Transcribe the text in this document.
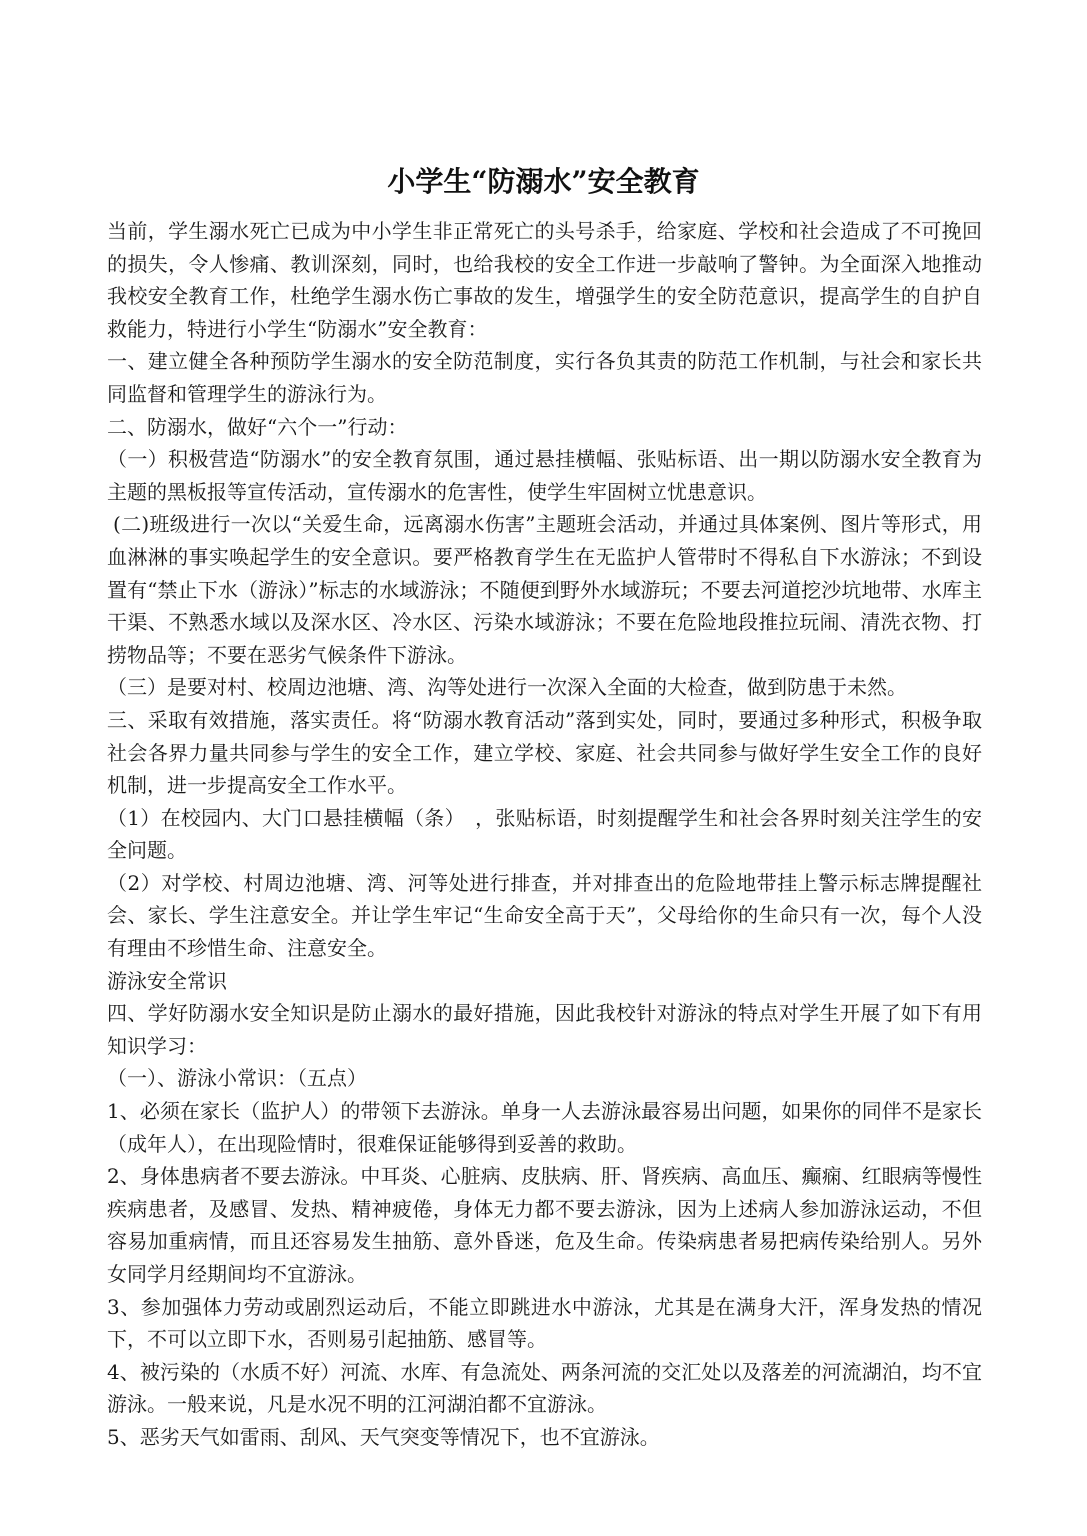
小学生“防溺水”安全教育

当前，学生溺水死亡已成为中小学生非正常死亡的头号杀手，给家庭、学校和社会造成了不可挽回的损失，令人惨痛、教训深刻，同时，也给我校的安全工作进一步敲响了警钟。为全面深入地推动我校安全教育工作，杜绝学生溺水伤亡事故的发生，增强学生的安全防范意识，提高学生的自护自救能力，特进行小学生“防溺水”安全教育：

一、建立健全各种预防学生溺水的安全防范制度，实行各负其责的防范工作机制，与社会和家长共同监督和管理学生的游泳行为。

二、防溺水，做好“六个一”行动：

（一）积极营造“防溺水”的安全教育氛围，通过悬挂横幅、张贴标语、出一期以防溺水安全教育为主题的黑板报等宣传活动，宣传溺水的危害性，使学生牢固树立忧患意识。

(二)班级进行一次以“关爱生命，远离溺水伤害”主题班会活动，并通过具体案例、图片等形式，用血淋淋的事实唤起学生的安全意识。要严格教育学生在无监护人管带时不得私自下水游泳；不到设置有“禁止下水（游泳）”标志的水域游泳；不随便到野外水域游玩；不要去河道挖沙坑地带、水库主干渠、不熟悉水域以及深水区、冷水区、污染水域游泳；不要在危险地段推拉玩闹、清洗衣物、打捞物品等；不要在恶劣气候条件下游泳。

（三）是要对村、校周边池塘、湾、沟等处进行一次深入全面的大检查，做到防患于未然。

三、采取有效措施，落实责任。将“防溺水教育活动”落到实处，同时，要通过多种形式，积极争取社会各界力量共同参与学生的安全工作，建立学校、家庭、社会共同参与做好学生安全工作的良好机制，进一步提高安全工作水平。

（1）在校园内、大门口悬挂横幅（条）　，张贴标语，时刻提醒学生和社会各界时刻关注学生的安全问题。

（2）对学校、村周边池塘、湾、河等处进行排查，并对排查出的危险地带挂上警示标志牌提醒社会、家长、学生注意安全。并让学生牢记“生命安全高于天”，父母给你的生命只有一次，每个人没有理由不珍惜生命、注意安全。

游泳安全常识

四、学好防溺水安全知识是防止溺水的最好措施，因此我校针对游泳的特点对学生开展了如下有用知识学习：

（一）、游泳小常识：（五点）

1、必须在家长（监护人）的带领下去游泳。单身一人去游泳最容易出问题，如果你的同伴不是家长（成年人），在出现险情时，很难保证能够得到妥善的救助。

2、身体患病者不要去游泳。中耳炎、心脏病、皮肤病、肝、肾疾病、高血压、癫痫、红眼病等慢性疾病患者，及感冒、发热、精神疲倦，身体无力都不要去游泳，因为上述病人参加游泳运动，不但容易加重病情，而且还容易发生抽筋、意外昏迷，危及生命。传染病患者易把病传染给别人。另外女同学月经期间均不宜游泳。

3、参加强体力劳动或剧烈运动后，不能立即跳进水中游泳，尤其是在满身大汗，浑身发热的情况下，不可以立即下水，否则易引起抽筋、感冒等。

4、被污染的（水质不好）河流、水库、有急流处、两条河流的交汇处以及落差的河流湖泊，均不宜游泳。一般来说，凡是水况不明的江河湖泊都不宜游泳。

5、恶劣天气如雷雨、刮风、天气突变等情况下，也不宜游泳。
